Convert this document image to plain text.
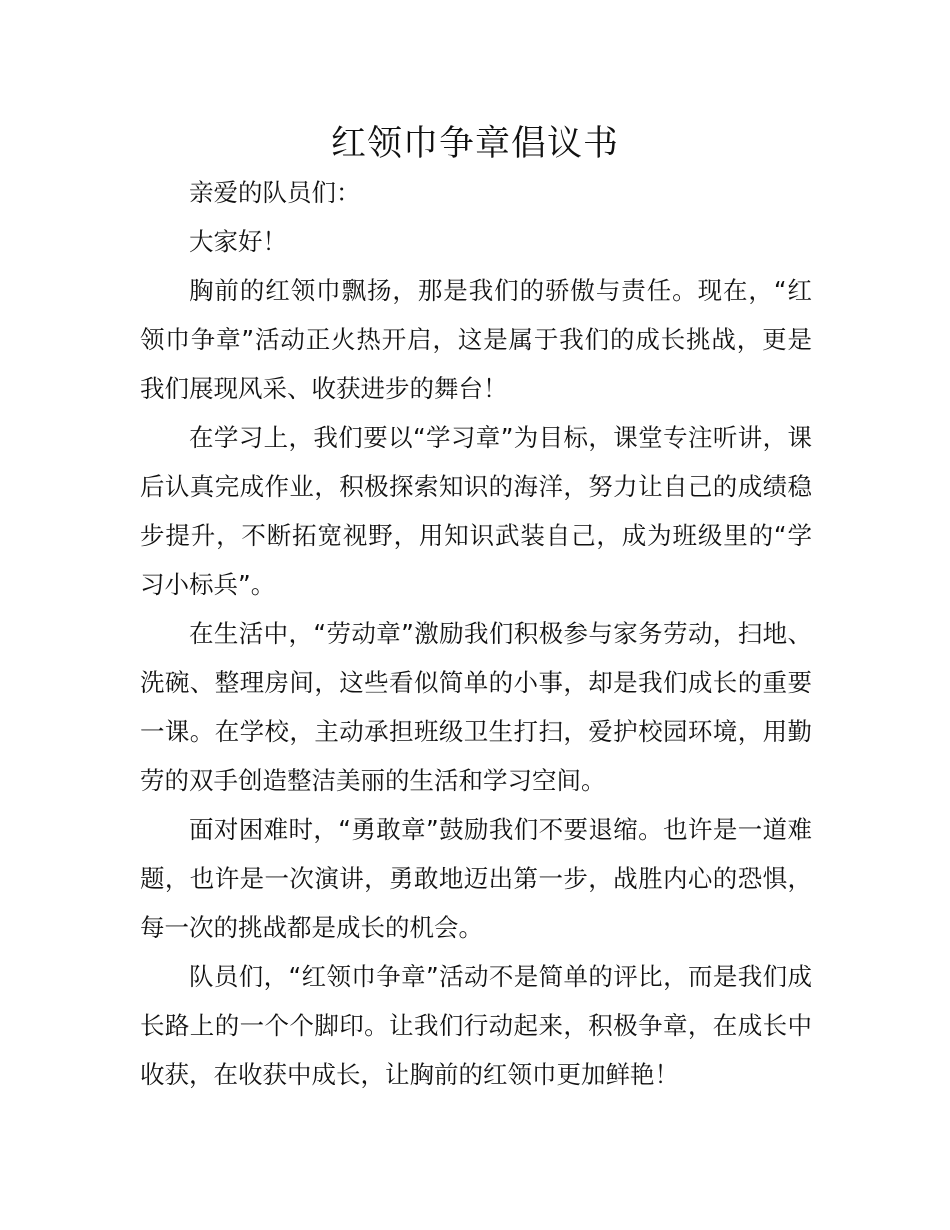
红领巾争章倡议书

亲爱的队员们：

大家好！

胸前的红领巾飘扬，那是我们的骄傲与责任。现在，“红领巾争章”活动正火热开启，这是属于我们的成长挑战，更是我们展现风采、收获进步的舞台！

在学习上，我们要以“学习章”为目标，课堂专注听讲，课后认真完成作业，积极探索知识的海洋，努力让自己的成绩稳步提升，不断拓宽视野，用知识武装自己，成为班级里的“学习小标兵”。

在生活中，“劳动章”激励我们积极参与家务劳动，扫地、洗碗、整理房间，这些看似简单的小事，却是我们成长的重要一课。在学校，主动承担班级卫生打扫，爱护校园环境，用勤劳的双手创造整洁美丽的生活和学习空间。

面对困难时，“勇敢章”鼓励我们不要退缩。也许是一道难题，也许是一次演讲，勇敢地迈出第一步，战胜内心的恐惧，每一次的挑战都是成长的机会。

队员们，“红领巾争章”活动不是简单的评比，而是我们成长路上的一个个脚印。让我们行动起来，积极争章，在成长中收获，在收获中成长，让胸前的红领巾更加鲜艳！
